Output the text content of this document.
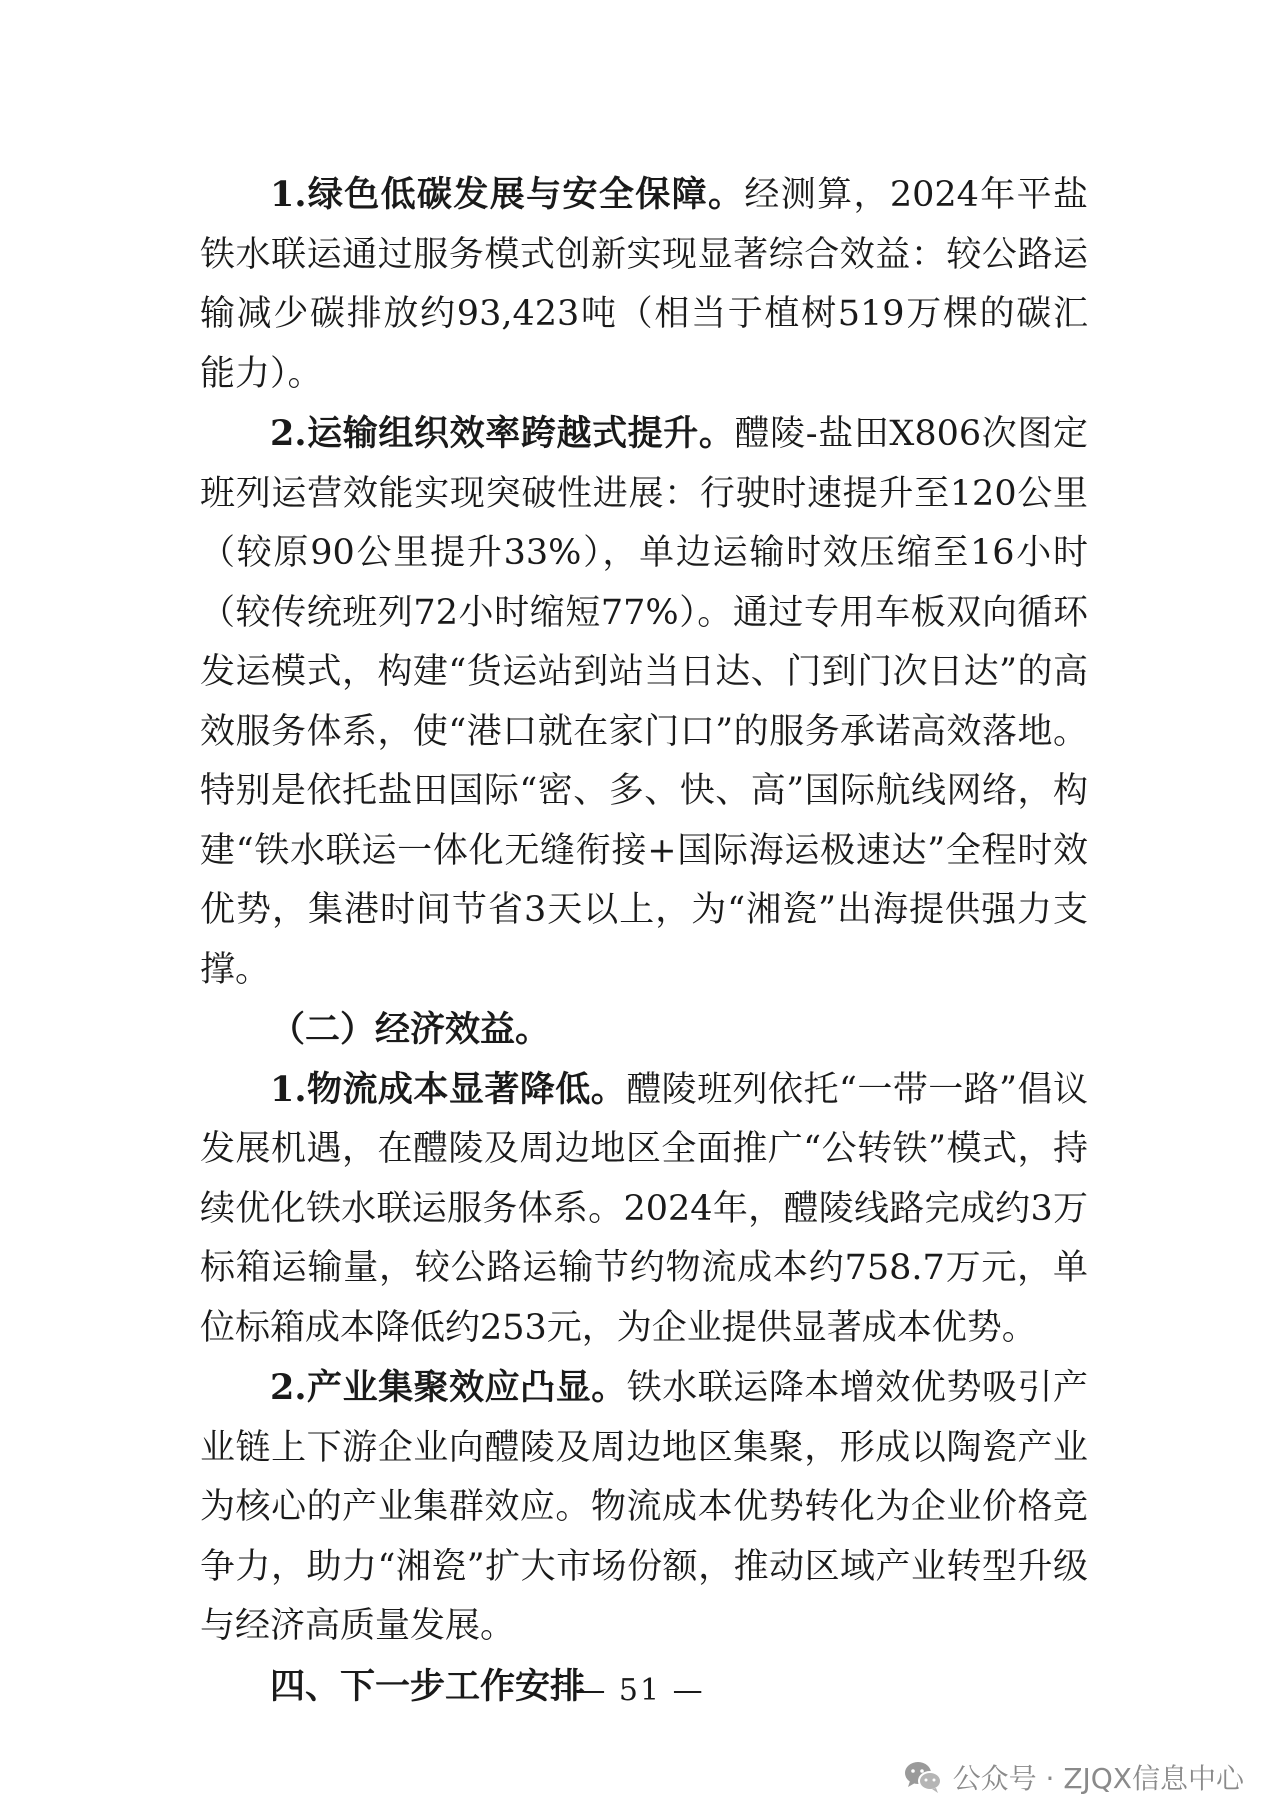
1.绿色低碳发展与安全保障。经测算，2024年平盐铁水联运通过服务模式创新实现显著综合效益：较公路运输减少碳排放约93,423吨（相当于植树519万棵的碳汇能力）。

2.运输组织效率跨越式提升。醴陵-盐田X806次图定班列运营效能实现突破性进展：行驶时速提升至120公里（较原90公里提升33%），单边运输时效压缩至16小时（较传统班列72小时缩短77%）。通过专用车板双向循环发运模式，构建“货运站到站当日达、门到门次日达”的高效服务体系，使“港口就在家门口”的服务承诺高效落地。特别是依托盐田国际“密、多、快、高”国际航线网络，构建“铁水联运一体化无缝衔接+国际海运极速达”全程时效优势，集港时间节省3天以上，为“湘瓷”出海提供强力支撑。

（二）经济效益。

1.物流成本显著降低。醴陵班列依托“一带一路”倡议发展机遇，在醴陵及周边地区全面推广“公转铁”模式，持续优化铁水联运服务体系。2024年，醴陵线路完成约3万标箱运输量，较公路运输节约物流成本约758.7万元，单位标箱成本降低约253元，为企业提供显著成本优势。

2.产业集聚效应凸显。铁水联运降本增效优势吸引产业链上下游企业向醴陵及周边地区集聚，形成以陶瓷产业为核心的产业集群效应。物流成本优势转化为企业价格竞争力，助力“湘瓷”扩大市场份额，推动区域产业转型升级与经济高质量发展。

四、下一步工作安排

— 51 —
公众号 · ZJQX信息中心
